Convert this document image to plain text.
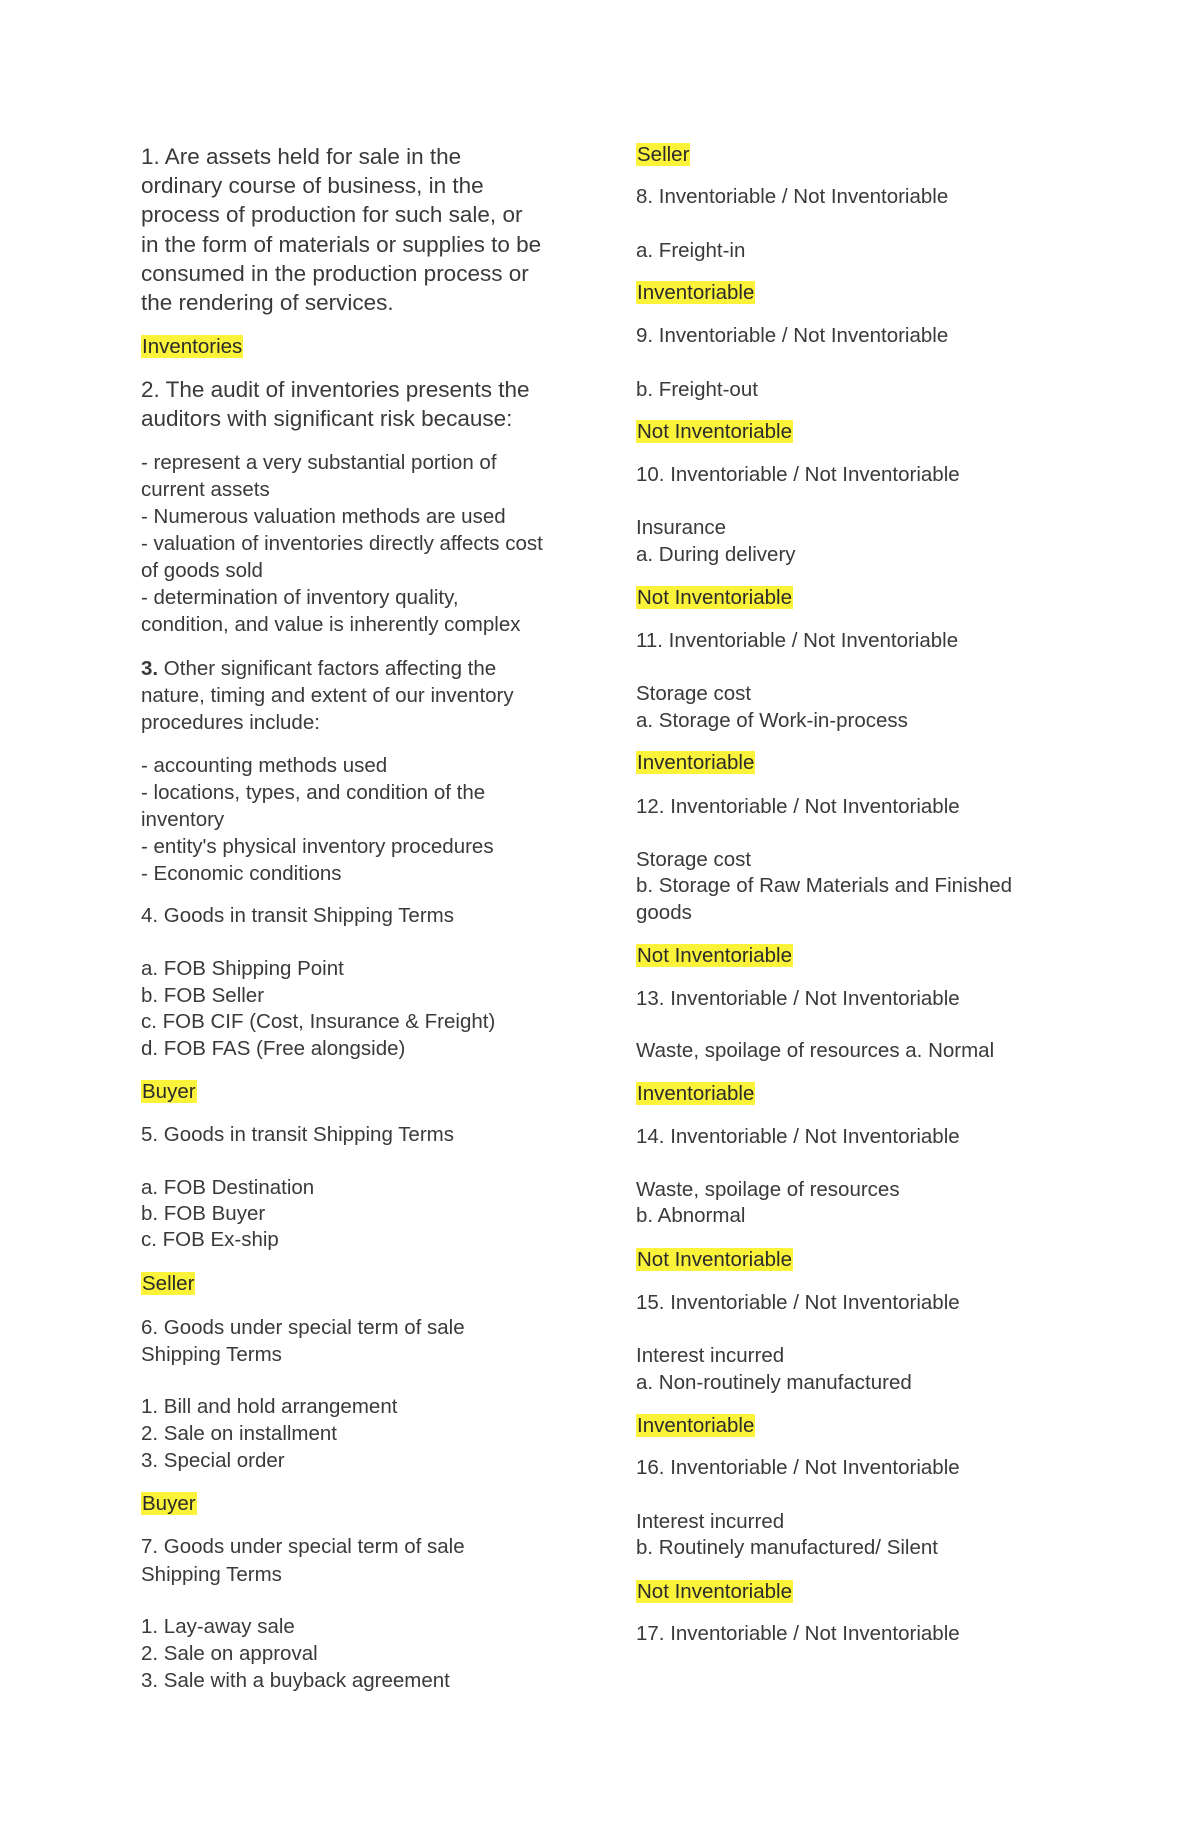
1. Are assets held for sale in the

ordinary course of business, in the

process of production for such sale, or

in the form of materials or supplies to be

consumed in the production process or

the rendering of services.

Inventories

2. The audit of inventories presents the

auditors with significant risk because:

- represent a very substantial portion of

current assets

- Numerous valuation methods are used

- valuation of inventories directly affects cost

of goods sold

- determination of inventory quality,

condition, and value is inherently complex

3. Other significant factors affecting the

nature, timing and extent of our inventory

procedures include:

- accounting methods used

- locations, types, and condition of the

inventory

- entity's physical inventory procedures

- Economic conditions

4. Goods in transit Shipping Terms

a. FOB Shipping Point

b. FOB Seller

c. FOB CIF (Cost, Insurance & Freight)

d. FOB FAS (Free alongside)

Buyer

5. Goods in transit Shipping Terms

a. FOB Destination

b. FOB Buyer

c. FOB Ex-ship

Seller

6. Goods under special term of sale

Shipping Terms

1. Bill and hold arrangement

2. Sale on installment

3. Special order

Buyer

7. Goods under special term of sale

Shipping Terms

1. Lay-away sale

2. Sale on approval

3. Sale with a buyback agreement

Seller

8. Inventoriable / Not Inventoriable

a. Freight-in

Inventoriable

9. Inventoriable / Not Inventoriable

b. Freight-out

Not Inventoriable

10. Inventoriable / Not Inventoriable

Insurance

a. During delivery

Not Inventoriable

11. Inventoriable / Not Inventoriable

Storage cost

a. Storage of Work-in-process

Inventoriable

12. Inventoriable / Not Inventoriable

Storage cost

b. Storage of Raw Materials and Finished

goods

Not Inventoriable

13. Inventoriable / Not Inventoriable

Waste, spoilage of resources a. Normal

Inventoriable

14. Inventoriable / Not Inventoriable

Waste, spoilage of resources

b. Abnormal

Not Inventoriable

15. Inventoriable / Not Inventoriable

Interest incurred

a. Non-routinely manufactured

Inventoriable

16. Inventoriable / Not Inventoriable

Interest incurred

b. Routinely manufactured/ Silent

Not Inventoriable

17. Inventoriable / Not Inventoriable
